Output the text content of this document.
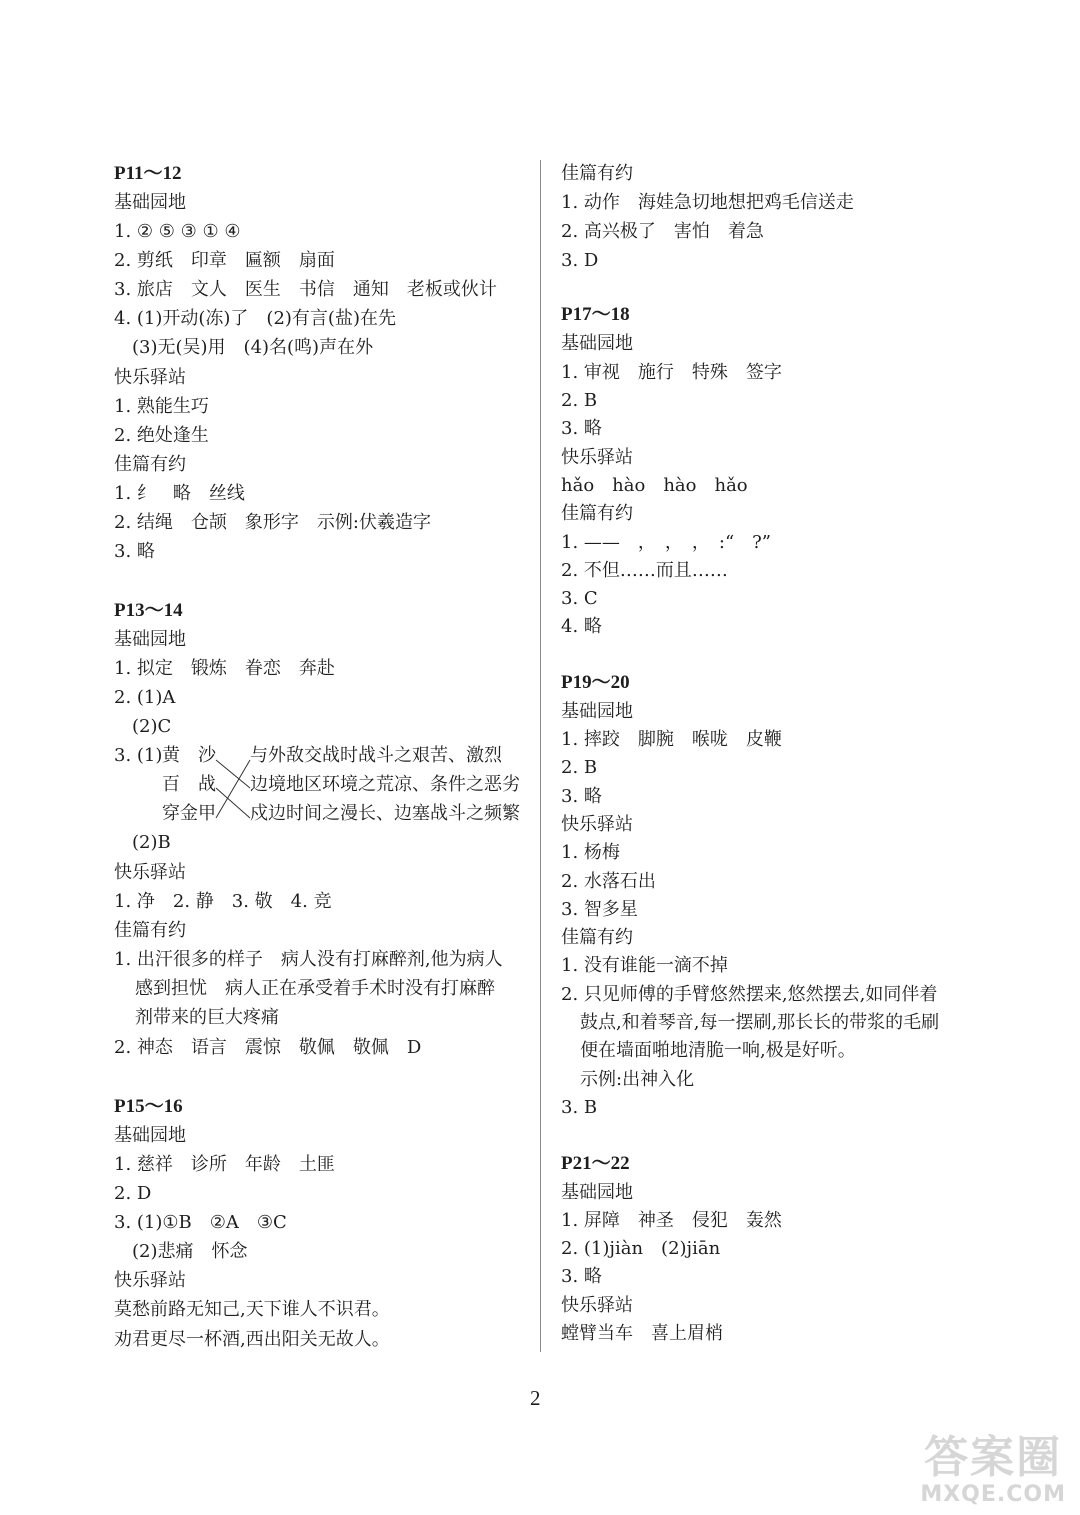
P11～12
基础园地
1. ② ⑤ ③ ① ④
2. 剪纸　印章　匾额　扇面
3. 旅店　文人　医生　书信　通知　老板或伙计
4. (1)开动(冻)了　(2)有言(盐)在先
(3)无(吴)用　(4)名(鸣)声在外
快乐驿站
1. 熟能生巧
2. 绝处逢生
佳篇有约
1. 纟　略　丝线
2. 结绳　仓颉　象形字　示例:伏羲造字
3. 略
P13～14
基础园地
1. 拟定　锻炼　眷恋　奔赴
2. (1)A
(2)C
3. (1) 黄　沙
百　战
穿金甲
与外敌交战时战斗之艰苦、激烈
边境地区环境之荒凉、条件之恶劣
戍边时间之漫长、边塞战斗之频繁
(2)B
快乐驿站
1. 净　2. 静　3. 敬　4. 竞
佳篇有约
1. 出汗很多的样子　病人没有打麻醉剂,他为病人
感到担忧　病人正在承受着手术时没有打麻醉
剂带来的巨大疼痛
2. 神态　语言　震惊　敬佩　敬佩　D
P15～16
基础园地
1. 慈祥　诊所　年龄　土匪
2. D
3. (1)①B　②A　③C
(2)悲痛　怀念
快乐驿站
莫愁前路无知己,天下谁人不识君。
劝君更尽一杯酒,西出阳关无故人。
佳篇有约
1. 动作　海娃急切地想把鸡毛信送走
2. 高兴极了　害怕　着急
3. D
P17～18
基础园地
1. 审视　施行　特殊　签字
2. B
3. 略
快乐驿站
hǎo　hào　hào　hǎo
佳篇有约
1. ——　，　，　，　:“　?”
2. 不但……而且……
3. C
4. 略
P19～20
基础园地
1. 摔跤　脚腕　喉咙　皮鞭
2. B
3. 略
快乐驿站
1. 杨梅
2. 水落石出
3. 智多星
佳篇有约
1. 没有谁能一滴不掉
2. 只见师傅的手臂悠然摆来,悠然摆去,如同伴着
鼓点,和着琴音,每一摆刷,那长长的带浆的毛刷
便在墙面啪地清脆一响,极是好听。
示例:出神入化
3. B
P21～22
基础园地
1. 屏障　神圣　侵犯　轰然
2. (1)jiàn　(2)jiān
3. 略
快乐驿站
螳臂当车　喜上眉梢
2
答案圈
MXQE.COM
